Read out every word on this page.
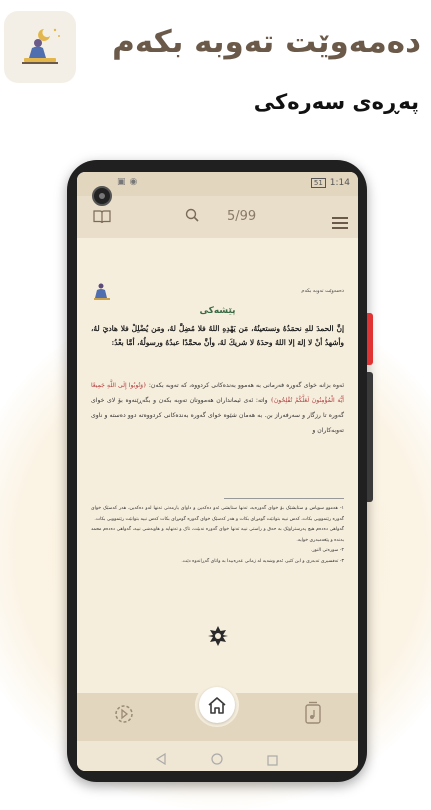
دەمەوێت تەوبە بکەم
پەڕەی سەرەکی
▣ ◉	51 1:14
5/99
دەمەوێت تەوبە بکەم
پێشەکی
إنَّ الحمدَ للهِ نحمَدُهُ ونستعينُهُ، مَن يَهْدِهِ اللهُ فلا مُضِلَّ لهُ، ومَن يُضْلِلْ فلا هاديَ لهُ، وأشهدُ أنْ لا إلهَ إلا اللهُ وحدَهُ لا شريكَ لهُ، وأنَّ محمَّدًا عبدُهُ ورسولُهُ، أمَّا بعْدُ:
ئەوە بزانە خوای گەورە فەرمانی بە هەموو بەندەکانی کردووە، کە تەوبە بکەن: ﴿وَتُوبُوا إِلَى اللَّهِ جَمِيعًا أَيُّهَ الْمُؤْمِنُونَ لَعَلَّكُمْ تُفْلِحُونَ﴾ واتە: ئەی ئیمانداران هەمووتان تەوبە بکەن و بگەڕێنەوە بۆ لای خوای گەورە تا رزگار و سەرفەراز بن. بە هەمان شێوە خوای گەورە بەندەکانی کردووەتە دوو دەستە و ناوی تەوبەکاران و

١- هەموو سوپاس و ستایشێک بۆ خوای گەورەیە، تەنها ستایشی ئەو دەکەین و داوای یارمەتی تەنها لەو دەکەین، هەر کەسێک خوای گەورە رێنموویی بکات، کەس نییە بتوانێت گومڕای بکات و هەر کەسێک خوای گەورە گومڕای بکات کەس نییە بتوانێت رێنموویی بکات.

گەواهی دەدەم هیچ پەرستراوێک بە حەق و راستی نییە تەنها خوای گەورە نەبێت، تاک و تەنهایە و هاوبەشی نییە، گەواهی دەدەم محمد بەندە و پێغەمبەری خوایە.

٢- سورەتی النور.

٣- تەفسیری تەبەری و ابن کثیر، ئەم وشەیە لە زمانی عەرەبیدا بە واتای گەڕانەوە دێت.
